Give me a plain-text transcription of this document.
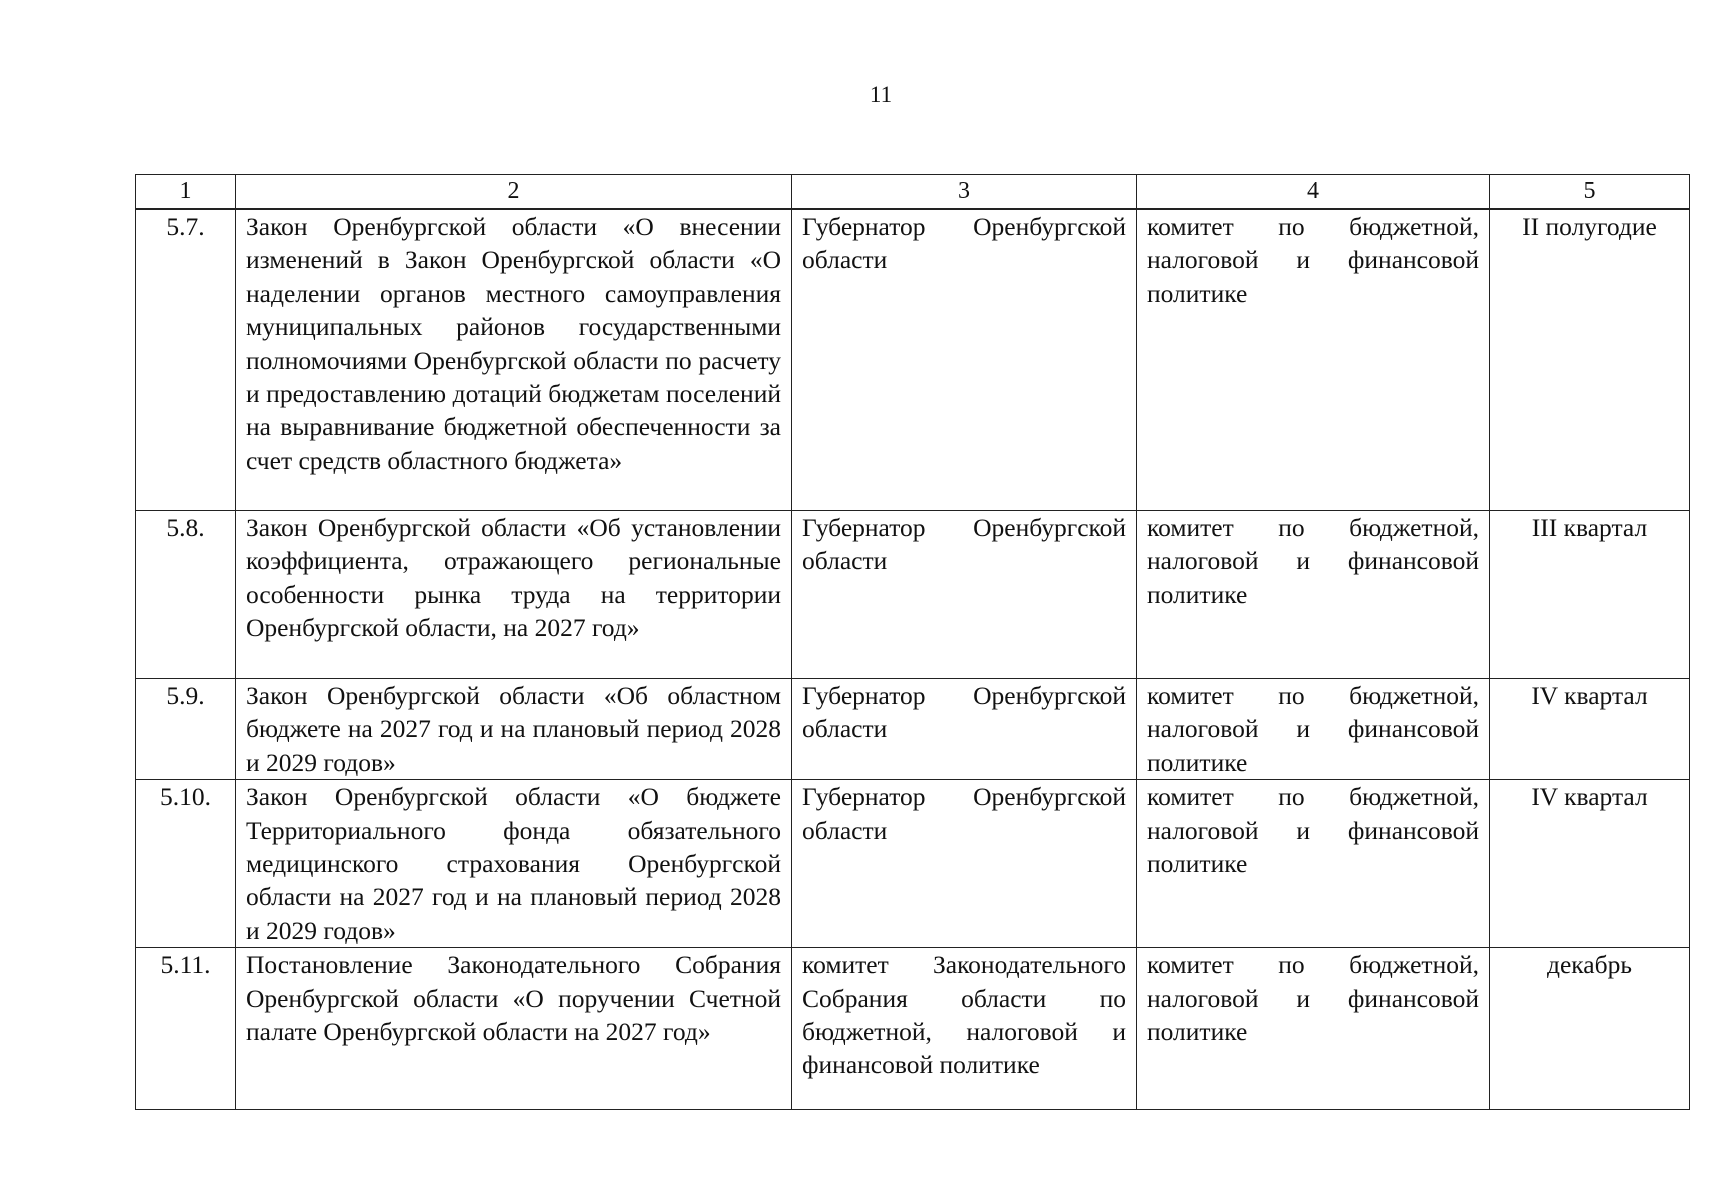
11
1	2	3	4	5
5.7.	Закон Оренбургской области «О внесении изменений в Закон Оренбургской области «О наделении органов местного самоуправления муниципальных районов государственными полномочиями Оренбургской области по расчету и предоставлению дотаций бюджетам поселений на выравнивание бюджетной обеспеченности за счет средств областного бюджета»	Губернатор Оренбургской области	комитет по бюджетной, налоговой и финансовой политике	II полугодие
5.8.	Закон Оренбургской области «Об установлении коэффициента, отражающего региональные особенности рынка труда на территории Оренбургской области, на 2027 год»	Губернатор Оренбургской области	комитет по бюджетной, налоговой и финансовой политике	III квартал
5.9.	Закон Оренбургской области «Об областном бюджете на 2027 год и на плановый период 2028 и 2029 годов»	Губернатор Оренбургской области	комитет по бюджетной, налоговой и финансовой политике	IV квартал
5.10.	Закон Оренбургской области «О бюджете Территориального фонда обязательного медицинского страхования Оренбургской области на 2027 год и на плановый период 2028 и 2029 годов»	Губернатор Оренбургской области	комитет по бюджетной, налоговой и финансовой политике	IV квартал
5.11.	Постановление Законодательного Собрания Оренбургской области «О поручении Счетной палате Оренбургской области на 2027 год»	комитет Законодательного Собрания области по бюджетной, налоговой и финансовой политике	комитет по бюджетной, налоговой и финансовой политике	декабрь
